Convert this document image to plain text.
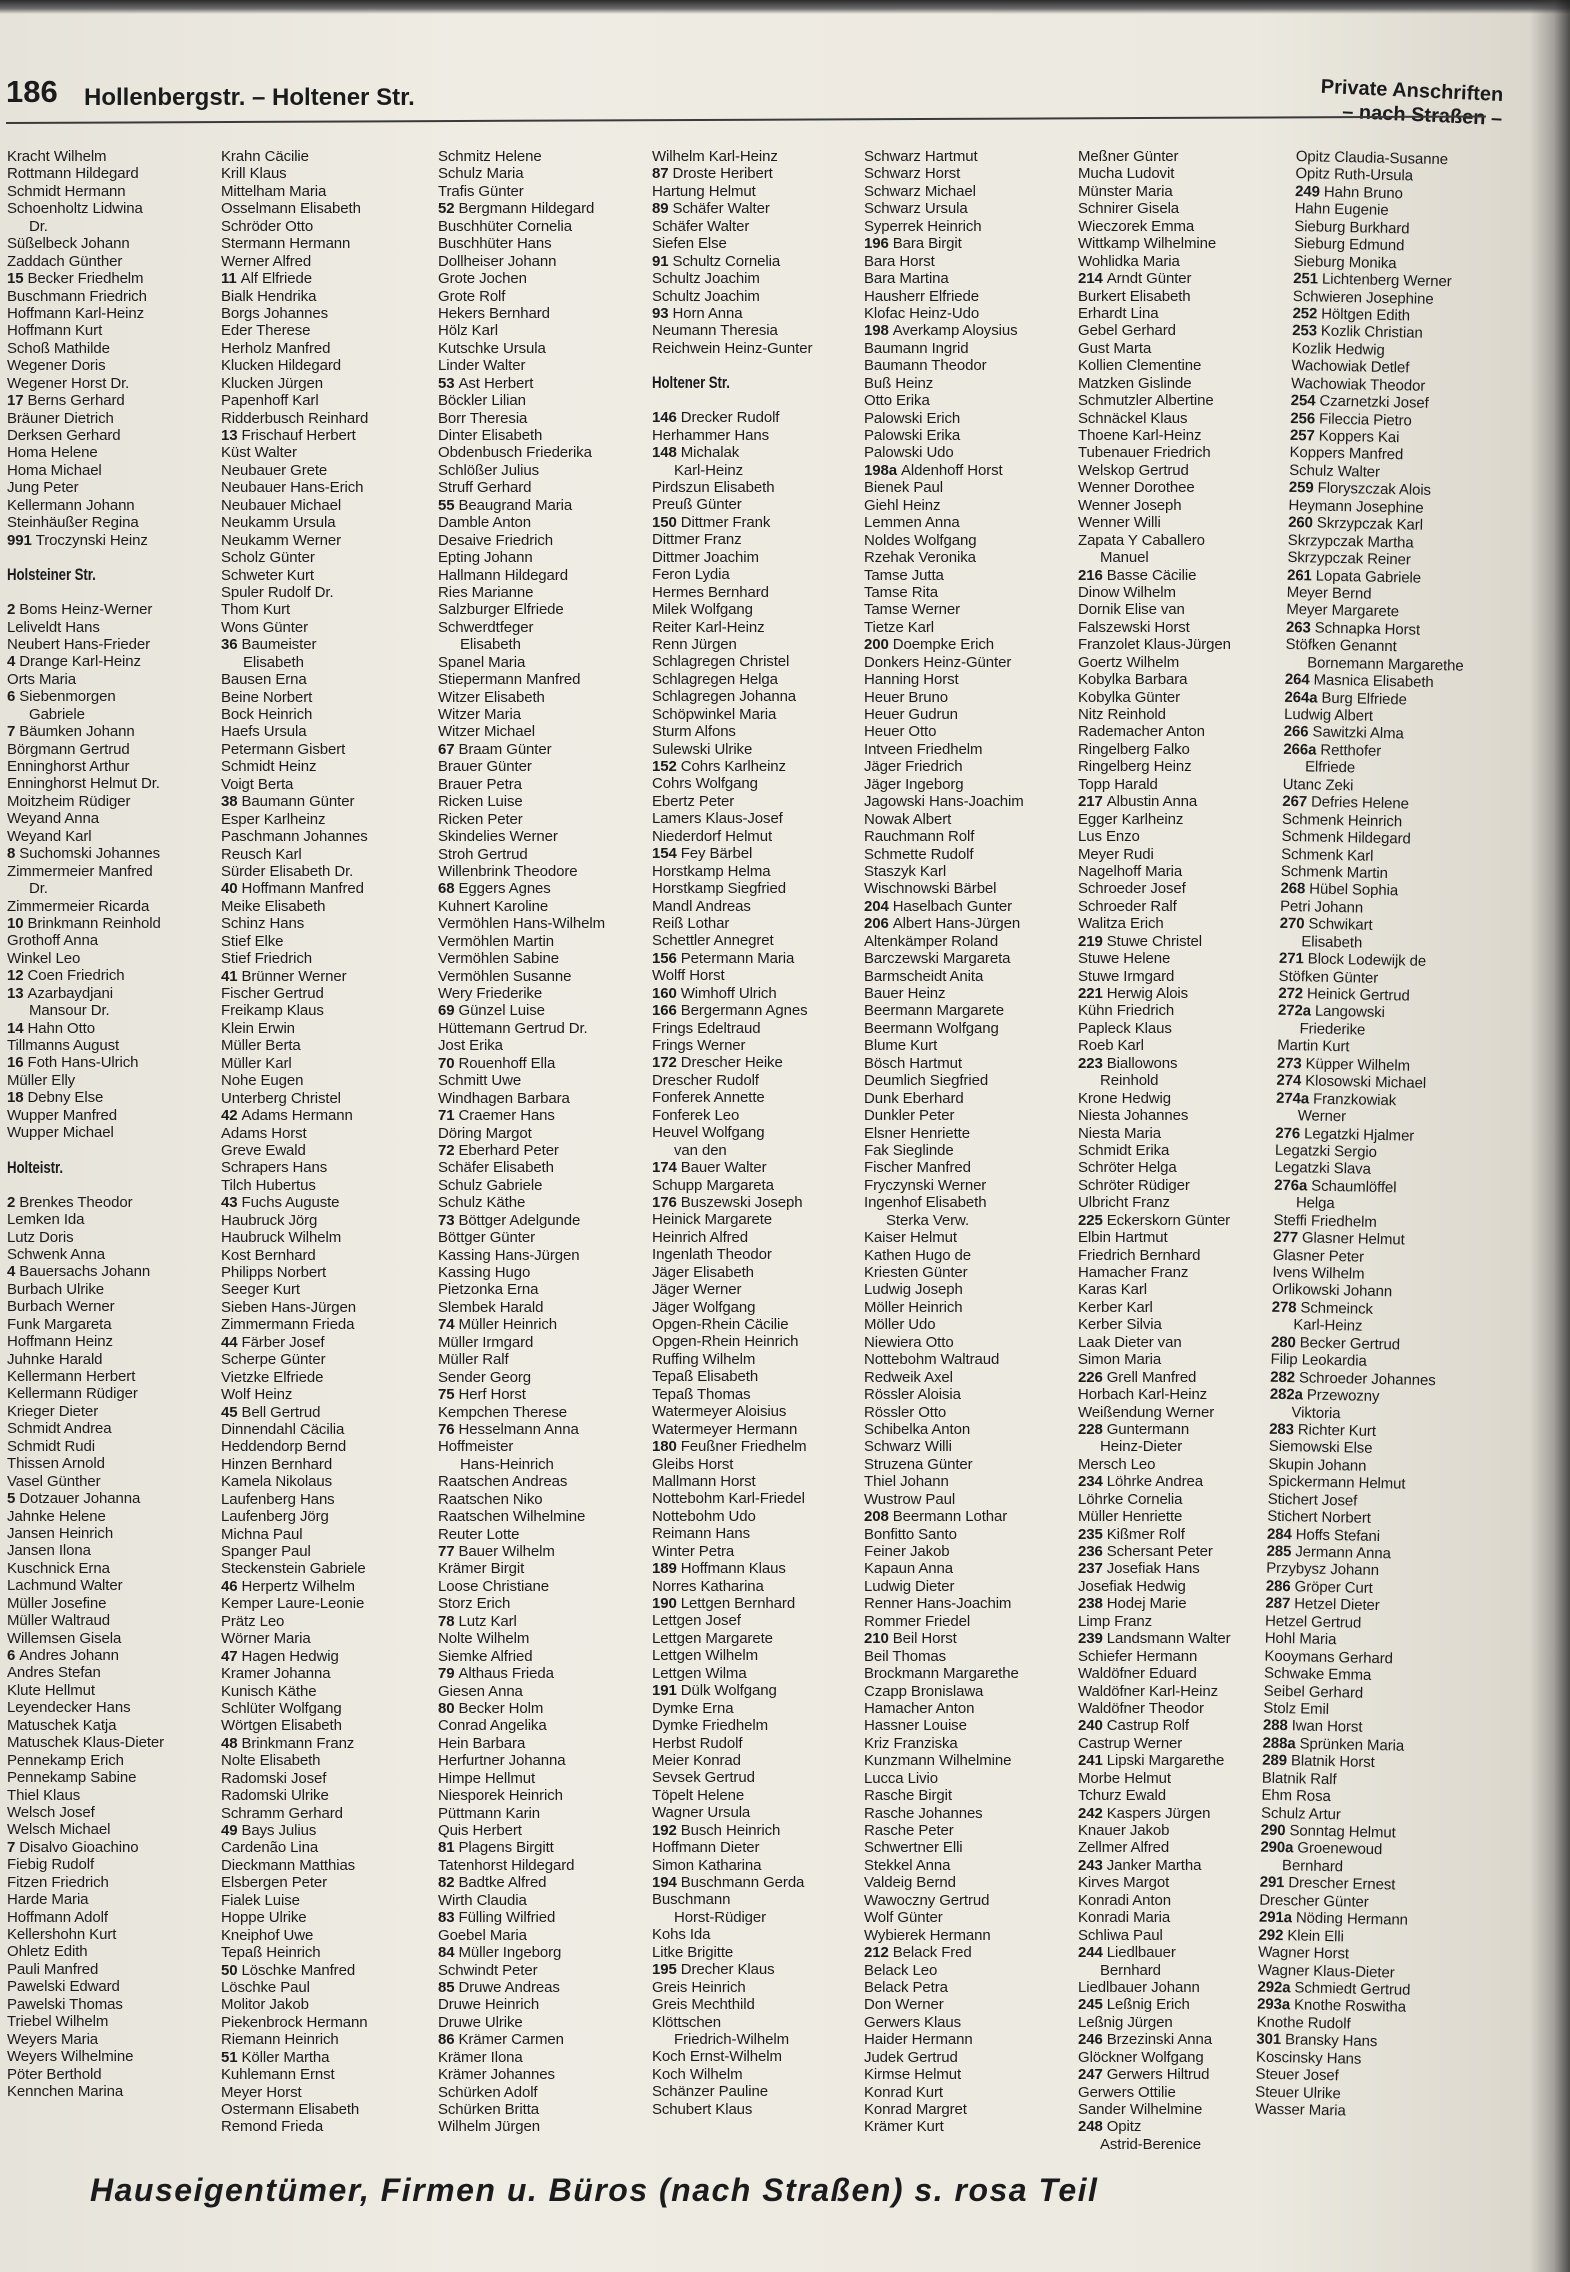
186 Hollenbergstr. – Holtener Str.	Private Anschriften
– nach Straßen –
Kracht Wilhelm
Rottmann Hildegard
Schmidt Hermann
Schoenholtz Lidwina
Dr.
Süßelbeck Johann
Zaddach Günther
15 Becker Friedhelm
Buschmann Friedrich
Hoffmann Karl-Heinz
Hoffmann Kurt
Schoß Mathilde
Wegener Doris
Wegener Horst Dr.
17 Berns Gerhard
Bräuner Dietrich
Derksen Gerhard
Homa Helene
Homa Michael
Jung Peter
Kellermann Johann
Steinhäußer Regina
991 Troczynski Heinz
Holsteiner Str.
2 Boms Heinz-Werner
Leliveldt Hans
Neubert Hans-Frieder
4 Drange Karl-Heinz
Orts Maria
6 Siebenmorgen
Gabriele
7 Bäumken Johann
Börgmann Gertrud
Enninghorst Arthur
Enninghorst Helmut Dr.
Moitzheim Rüdiger
Weyand Anna
Weyand Karl
8 Suchomski Johannes
Zimmermeier Manfred
Dr.
Zimmermeier Ricarda
10 Brinkmann Reinhold
Grothoff Anna
Winkel Leo
12 Coen Friedrich
13 Azarbaydjani
Mansour Dr.
14 Hahn Otto
Tillmanns August
16 Foth Hans-Ulrich
Müller Elly
18 Debny Else
Wupper Manfred
Wupper Michael
Holteistr.
2 Brenkes Theodor
Lemken Ida
Lutz Doris
Schwenk Anna
4 Bauersachs Johann
Burbach Ulrike
Burbach Werner
Funk Margareta
Hoffmann Heinz
Juhnke Harald
Kellermann Herbert
Kellermann Rüdiger
Krieger Dieter
Schmidt Andrea
Schmidt Rudi
Thissen Arnold
Vasel Günther
5 Dotzauer Johanna
Jahnke Helene
Jansen Heinrich
Jansen Ilona
Kuschnick Erna
Lachmund Walter
Müller Josefine
Müller Waltraud
Willemsen Gisela
6 Andres Johann
Andres Stefan
Klute Hellmut
Leyendecker Hans
Matuschek Katja
Matuschek Klaus-Dieter
Pennekamp Erich
Pennekamp Sabine
Thiel Klaus
Welsch Josef
Welsch Michael
7 Disalvo Gioachino
Fiebig Rudolf
Fitzen Friedrich
Harde Maria
Hoffmann Adolf
Kellershohn Kurt
Ohletz Edith
Pauli Manfred
Pawelski Edward
Pawelski Thomas
Triebel Wilhelm
Weyers Maria
Weyers Wilhelmine
Pöter Berthold
Kennchen Marina
Krahn Cäcilie
Krill Klaus
Mittelham Maria
Osselmann Elisabeth
Schröder Otto
Stermann Hermann
Werner Alfred
11 Alf Elfriede
Bialk Hendrika
Borgs Johannes
Eder Therese
Herholz Manfred
Klucken Hildegard
Klucken Jürgen
Papenhoff Karl
Ridderbusch Reinhard
13 Frischauf Herbert
Küst Walter
Neubauer Grete
Neubauer Hans-Erich
Neubauer Michael
Neukamm Ursula
Neukamm Werner
Scholz Günter
Schweter Kurt
Spuler Rudolf Dr.
Thom Kurt
Wons Günter
36 Baumeister
Elisabeth
Bausen Erna
Beine Norbert
Bock Heinrich
Haefs Ursula
Petermann Gisbert
Schmidt Heinz
Voigt Berta
38 Baumann Günter
Esper Karlheinz
Paschmann Johannes
Reusch Karl
Sürder Elisabeth Dr.
40 Hoffmann Manfred
Meike Elisabeth
Schinz Hans
Stief Elke
Stief Friedrich
41 Brünner Werner
Fischer Gertrud
Freikamp Klaus
Klein Erwin
Müller Berta
Müller Karl
Nohe Eugen
Unterberg Christel
42 Adams Hermann
Adams Horst
Greve Ewald
Schrapers Hans
Tilch Hubertus
43 Fuchs Auguste
Haubruck Jörg
Haubruck Wilhelm
Kost Bernhard
Philipps Norbert
Seeger Kurt
Sieben Hans-Jürgen
Zimmermann Frieda
44 Färber Josef
Scherpe Günter
Vietzke Elfriede
Wolf Heinz
45 Bell Gertrud
Dinnendahl Cäcilia
Heddendorp Bernd
Hinzen Bernhard
Kamela Nikolaus
Laufenberg Hans
Laufenberg Jörg
Michna Paul
Spanger Paul
Steckenstein Gabriele
46 Herpertz Wilhelm
Kemper Laure-Leonie
Prätz Leo
Wörner Maria
47 Hagen Hedwig
Kramer Johanna
Kunisch Käthe
Schlüter Wolfgang
Wörtgen Elisabeth
48 Brinkmann Franz
Nolte Elisabeth
Radomski Josef
Radomski Ulrike
Schramm Gerhard
49 Bays Julius
Cardenão Lina
Dieckmann Matthias
Elsbergen Peter
Fialek Luise
Hoppe Ulrike
Kneiphof Uwe
Tepaß Heinrich
50 Löschke Manfred
Löschke Paul
Molitor Jakob
Piekenbrock Hermann
Riemann Heinrich
51 Köller Martha
Kuhlemann Ernst
Meyer Horst
Ostermann Elisabeth
Remond Frieda
Schmitz Helene
Schulz Maria
Trafis Günter
52 Bergmann Hildegard
Buschhüter Cornelia
Buschhüter Hans
Dollheiser Johann
Grote Jochen
Grote Rolf
Hekers Bernhard
Hölz Karl
Kutschke Ursula
Linder Walter
53 Ast Herbert
Böckler Lilian
Borr Theresia
Dinter Elisabeth
Obdenbusch Friederika
Schlößer Julius
Struff Gerhard
55 Beaugrand Maria
Damble Anton
Desaive Friedrich
Epting Johann
Hallmann Hildegard
Ries Marianne
Salzburger Elfriede
Schwerdtfeger
Elisabeth
Spanel Maria
Stiepermann Manfred
Witzer Elisabeth
Witzer Maria
Witzer Michael
67 Braam Günter
Brauer Günter
Brauer Petra
Ricken Luise
Ricken Peter
Skindelies Werner
Stroh Gertrud
Willenbrink Theodore
68 Eggers Agnes
Kuhnert Karoline
Vermöhlen Hans-Wilhelm
Vermöhlen Martin
Vermöhlen Sabine
Vermöhlen Susanne
Wery Friederike
69 Günzel Luise
Hüttemann Gertrud Dr.
Jost Erika
70 Rouenhoff Ella
Schmitt Uwe
Windhagen Barbara
71 Craemer Hans
Döring Margot
72 Eberhard Peter
Schäfer Elisabeth
Schulz Gabriele
Schulz Käthe
73 Böttger Adelgunde
Böttger Günter
Kassing Hans-Jürgen
Kassing Hugo
Pietzonka Erna
Slembek Harald
74 Müller Heinrich
Müller Irmgard
Müller Ralf
Sender Georg
75 Herf Horst
Kempchen Therese
76 Hesselmann Anna
Hoffmeister
Hans-Heinrich
Raatschen Andreas
Raatschen Niko
Raatschen Wilhelmine
Reuter Lotte
77 Bauer Wilhelm
Krämer Birgit
Loose Christiane
Storz Erich
78 Lutz Karl
Nolte Wilhelm
Siemke Alfried
79 Althaus Frieda
Giesen Anna
80 Becker Holm
Conrad Angelika
Hein Barbara
Herfurtner Johanna
Himpe Hellmut
Niesporek Heinrich
Püttmann Karin
Quis Herbert
81 Plagens Birgitt
Tatenhorst Hildegard
82 Badtke Alfred
Wirth Claudia
83 Fülling Wilfried
Goebel Maria
84 Müller Ingeborg
Schwindt Peter
85 Druwe Andreas
Druwe Heinrich
Druwe Ulrike
86 Krämer Carmen
Krämer Ilona
Krämer Johannes
Schürken Adolf
Schürken Britta
Wilhelm Jürgen
Wilhelm Karl-Heinz
87 Droste Heribert
Hartung Helmut
89 Schäfer Walter
Schäfer Walter
Siefen Else
91 Schultz Cornelia
Schultz Joachim
Schultz Joachim
93 Horn Anna
Neumann Theresia
Reichwein Heinz-Gunter
Holtener Str.
146 Drecker Rudolf
Herhammer Hans
148 Michalak
Karl-Heinz
Pirdszun Elisabeth
Preuß Günter
150 Dittmer Frank
Dittmer Franz
Dittmer Joachim
Feron Lydia
Hermes Bernhard
Milek Wolfgang
Reiter Karl-Heinz
Renn Jürgen
Schlagregen Christel
Schlagregen Helga
Schlagregen Johanna
Schöpwinkel Maria
Sturm Alfons
Sulewski Ulrike
152 Cohrs Karlheinz
Cohrs Wolfgang
Ebertz Peter
Lamers Klaus-Josef
Niederdorf Helmut
154 Fey Bärbel
Horstkamp Helma
Horstkamp Siegfried
Mandl Andreas
Reiß Lothar
Schettler Annegret
156 Petermann Maria
Wolff Horst
160 Wimhoff Ulrich
166 Bergermann Agnes
Frings Edeltraud
Frings Werner
172 Drescher Heike
Drescher Rudolf
Fonferek Annette
Fonferek Leo
Heuvel Wolfgang
van den
174 Bauer Walter
Schupp Margareta
176 Buszewski Joseph
Heinick Margarete
Heinrich Alfred
Ingenlath Theodor
Jäger Elisabeth
Jäger Werner
Jäger Wolfgang
Opgen-Rhein Cäcilie
Opgen-Rhein Heinrich
Ruffing Wilhelm
Tepaß Elisabeth
Tepaß Thomas
Watermeyer Aloisius
Watermeyer Hermann
180 Feußner Friedhelm
Gleibs Horst
Mallmann Horst
Nottebohm Karl-Friedel
Nottebohm Udo
Reimann Hans
Winter Petra
189 Hoffmann Klaus
Norres Katharina
190 Lettgen Bernhard
Lettgen Josef
Lettgen Margarete
Lettgen Wilhelm
Lettgen Wilma
191 Dülk Wolfgang
Dymke Erna
Dymke Friedhelm
Herbst Rudolf
Meier Konrad
Sevsek Gertrud
Töpelt Helene
Wagner Ursula
192 Busch Heinrich
Hoffmann Dieter
Simon Katharina
194 Buschmann Gerda
Buschmann
Horst-Rüdiger
Kohs Ida
Litke Brigitte
195 Drecher Klaus
Greis Heinrich
Greis Mechthild
Klöttschen
Friedrich-Wilhelm
Koch Ernst-Wilhelm
Koch Wilhelm
Schänzer Pauline
Schubert Klaus
Schwarz Hartmut
Schwarz Horst
Schwarz Michael
Schwarz Ursula
Syperrek Heinrich
196 Bara Birgit
Bara Horst
Bara Martina
Hausherr Elfriede
Klofac Heinz-Udo
198 Averkamp Aloysius
Baumann Ingrid
Baumann Theodor
Buß Heinz
Otto Erika
Palowski Erich
Palowski Erika
Palowski Udo
198a Aldenhoff Horst
Bienek Paul
Giehl Heinz
Lemmen Anna
Noldes Wolfgang
Rzehak Veronika
Tamse Jutta
Tamse Rita
Tamse Werner
Tietze Karl
200 Doempke Erich
Donkers Heinz-Günter
Hanning Horst
Heuer Bruno
Heuer Gudrun
Heuer Otto
Intveen Friedhelm
Jäger Friedrich
Jäger Ingeborg
Jagowski Hans-Joachim
Nowak Albert
Rauchmann Rolf
Schmette Rudolf
Staszyk Karl
Wischnowski Bärbel
204 Haselbach Gunter
206 Albert Hans-Jürgen
Altenkämper Roland
Barczewski Margareta
Barmscheidt Anita
Bauer Heinz
Beermann Margarete
Beermann Wolfgang
Blume Kurt
Bösch Hartmut
Deumlich Siegfried
Dunk Eberhard
Dunkler Peter
Elsner Henriette
Fak Sieglinde
Fischer Manfred
Fryczynski Werner
Ingenhof Elisabeth
Sterka Verw.
Kaiser Helmut
Kathen Hugo de
Kriesten Günter
Ludwig Joseph
Möller Heinrich
Möller Udo
Niewiera Otto
Nottebohm Waltraud
Redweik Axel
Rössler Aloisia
Rössler Otto
Schibelka Anton
Schwarz Willi
Struzena Günter
Thiel Johann
Wustrow Paul
208 Beermann Lothar
Bonfitto Santo
Feiner Jakob
Kapaun Anna
Ludwig Dieter
Renner Hans-Joachim
Rommer Friedel
210 Beil Horst
Beil Thomas
Brockmann Margarethe
Czapp Bronislawa
Hamacher Anton
Hassner Louise
Kriz Franziska
Kunzmann Wilhelmine
Lucca Livio
Rasche Birgit
Rasche Johannes
Rasche Peter
Schwertner Elli
Stekkel Anna
Valdeig Bernd
Wawoczny Gertrud
Wolf Günter
Wybierek Hermann
212 Belack Fred
Belack Leo
Belack Petra
Don Werner
Gerwers Klaus
Haider Hermann
Judek Gertrud
Kirmse Helmut
Konrad Kurt
Konrad Margret
Krämer Kurt
Meßner Günter
Mucha Ludovit
Münster Maria
Schnirer Gisela
Wieczorek Emma
Wittkamp Wilhelmine
Wohlidka Maria
214 Arndt Günter
Burkert Elisabeth
Erhardt Lina
Gebel Gerhard
Gust Marta
Kollien Clementine
Matzken Gislinde
Schmutzler Albertine
Schnäckel Klaus
Thoene Karl-Heinz
Tubenauer Friedrich
Welskop Gertrud
Wenner Dorothee
Wenner Joseph
Wenner Willi
Zapata Y Caballero
Manuel
216 Basse Cäcilie
Dinow Wilhelm
Dornik Elise van
Falszewski Horst
Franzolet Klaus-Jürgen
Goertz Wilhelm
Kobylka Barbara
Kobylka Günter
Nitz Reinhold
Rademacher Anton
Ringelberg Falko
Ringelberg Heinz
Topp Harald
217 Albustin Anna
Egger Karlheinz
Lus Enzo
Meyer Rudi
Nagelhoff Maria
Schroeder Josef
Schroeder Ralf
Walitza Erich
219 Stuwe Christel
Stuwe Helene
Stuwe Irmgard
221 Herwig Alois
Kühn Friedrich
Papleck Klaus
Roeb Karl
223 Biallowons
Reinhold
Krone Hedwig
Niesta Johannes
Niesta Maria
Schmidt Erika
Schröter Helga
Schröter Rüdiger
Ulbricht Franz
225 Eckerskorn Günter
Elbin Hartmut
Friedrich Bernhard
Hamacher Franz
Karas Karl
Kerber Karl
Kerber Silvia
Laak Dieter van
Simon Maria
226 Grell Manfred
Horbach Karl-Heinz
Weißendung Werner
228 Guntermann
Heinz-Dieter
Mersch Leo
234 Löhrke Andrea
Löhrke Cornelia
Müller Henriette
235 Kißmer Rolf
236 Schersant Peter
237 Josefiak Hans
Josefiak Hedwig
238 Hodej Marie
Limp Franz
239 Landsmann Walter
Schiefer Hermann
Waldöfner Eduard
Waldöfner Karl-Heinz
Waldöfner Theodor
240 Castrup Rolf
Castrup Werner
241 Lipski Margarethe
Morbe Helmut
Tchurz Ewald
242 Kaspers Jürgen
Knauer Jakob
Zellmer Alfred
243 Janker Martha
Kirves Margot
Konradi Anton
Konradi Maria
Schliwa Paul
244 Liedlbauer
Bernhard
Liedlbauer Johann
245 Leßnig Erich
Leßnig Jürgen
246 Brzezinski Anna
Glöckner Wolfgang
247 Gerwers Hiltrud
Gerwers Ottilie
Sander Wilhelmine
248 Opitz
Astrid-Berenice
Opitz Claudia-Susanne
Opitz Ruth-Ursula
249 Hahn Bruno
Hahn Eugenie
Sieburg Burkhard
Sieburg Edmund
Sieburg Monika
251 Lichtenberg Werner
Schwieren Josephine
252 Höltgen Edith
253 Kozlik Christian
Kozlik Hedwig
Wachowiak Detlef
Wachowiak Theodor
254 Czarnetzki Josef
256 Fileccia Pietro
257 Koppers Kai
Koppers Manfred
Schulz Walter
259 Floryszczak Alois
Heymann Josephine
260 Skrzypczak Karl
Skrzypczak Martha
Skrzypczak Reiner
261 Lopata Gabriele
Meyer Bernd
Meyer Margarete
263 Schnapka Horst
Stöfken Genannt
Bornemann Margarethe
264 Masnica Elisabeth
264a Burg Elfriede
Ludwig Albert
266 Sawitzki Alma
266a Retthofer
Elfriede
Utanc Zeki
267 Defries Helene
Schmenk Heinrich
Schmenk Hildegard
Schmenk Karl
Schmenk Martin
268 Hübel Sophia
Petri Johann
270 Schwikart
Elisabeth
271 Block Lodewijk de
Stöfken Günter
272 Heinick Gertrud
272a Langowski
Friederike
Martin Kurt
273 Küpper Wilhelm
274 Klosowski Michael
274a Franzkowiak
Werner
276 Legatzki Hjalmer
Legatzki Sergio
Legatzki Slava
276a Schaumlöffel
Helga
Steffi Friedhelm
277 Glasner Helmut
Glasner Peter
Ivens Wilhelm
Orlikowski Johann
278 Schmeinck
Karl-Heinz
280 Becker Gertrud
Filip Leokardia
282 Schroeder Johannes
282a Przewozny
Viktoria
283 Richter Kurt
Siemowski Else
Skupin Johann
Spickermann Helmut
Stichert Josef
Stichert Norbert
284 Hoffs Stefani
285 Jermann Anna
Przybysz Johann
286 Gröper Curt
287 Hetzel Dieter
Hetzel Gertrud
Hohl Maria
Kooymans Gerhard
Schwake Emma
Seibel Gerhard
Stolz Emil
288 Iwan Horst
288a Sprünken Maria
289 Blatnik Horst
Blatnik Ralf
Ehm Rosa
Schulz Artur
290 Sonntag Helmut
290a Groenewoud
Bernhard
291 Drescher Ernest
Drescher Günter
291a Nöding Hermann
292 Klein Elli
Wagner Horst
Wagner Klaus-Dieter
292a Schmiedt Gertrud
293a Knothe Roswitha
Knothe Rudolf
301 Bransky Hans
Koscinsky Hans
Steuer Josef
Steuer Ulrike
Wasser Maria
Hauseigentümer, Firmen u. Büros (nach Straßen) s. rosa Teil
